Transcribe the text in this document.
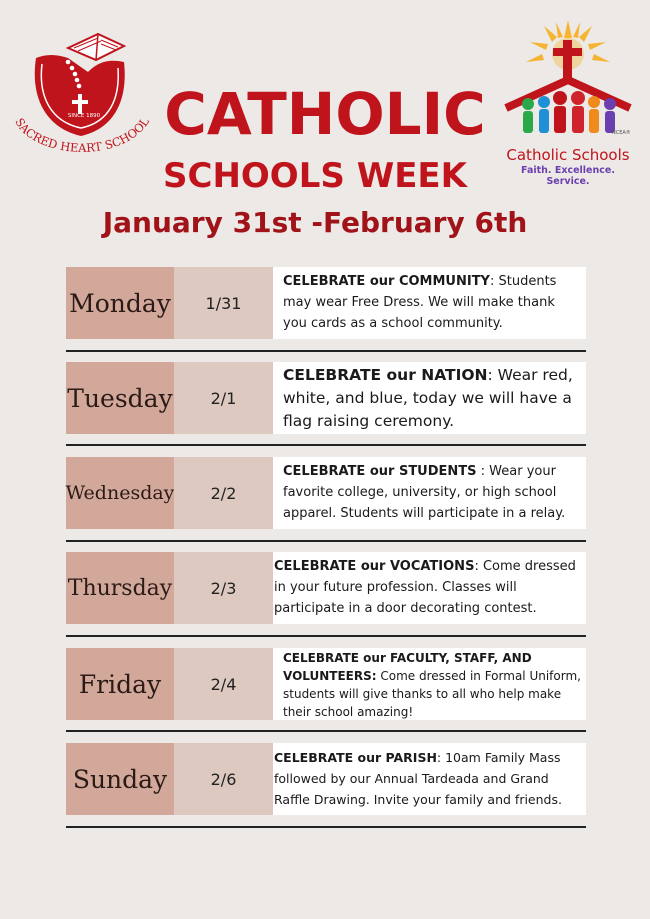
SACRED HEART SCHOOL
SINCE 1890
NCEA®
Catholic Schools
Faith. Excellence. Service.
CATHOLIC
SCHOOLS WEEK
January 31st -February 6th
Monday	1/31
CELEBRATE our COMMUNITY: Students may wear Free Dress. We will make thank you cards as a school community.
Tuesday	2/1
CELEBRATE our NATION: Wear red, white, and blue, today we will have a flag raising ceremony.
Wednesday	2/2
CELEBRATE our STUDENTS : Wear your favorite college, university, or high school apparel. Students will participate in a relay.
Thursday	2/3
CELEBRATE our VOCATIONS: Come dressed in your future profession. Classes will participate in a door decorating contest.
Friday	2/4
CELEBRATE our FACULTY, STAFF, AND VOLUNTEERS: Come dressed in Formal Uniform, students will give thanks to all who help make their school amazing!
Sunday	2/6
CELEBRATE our PARISH: 10am Family Mass followed by our Annual Tardeada and Grand Raffle Drawing. Invite your family and friends.
